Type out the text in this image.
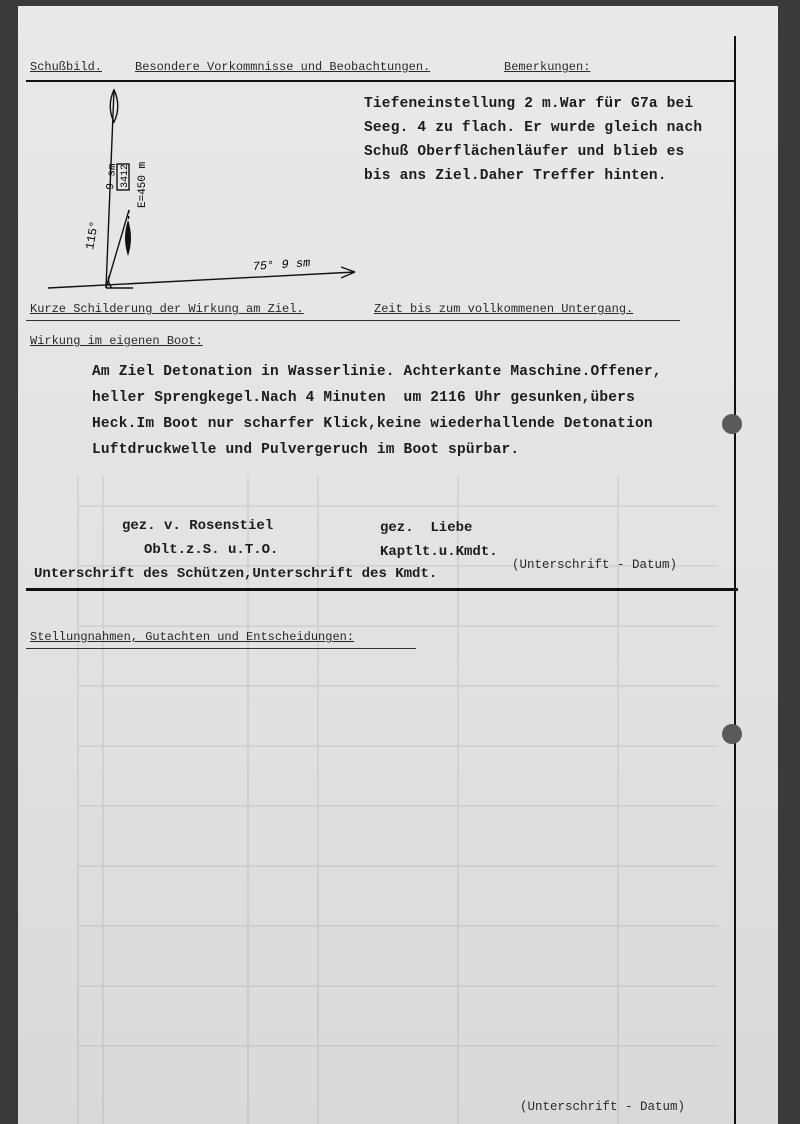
Schußbild.	Besondere Vorkommnisse und Beobachtungen.	Bemerkungen:
115°
9 sm 3412 E=450 m
75° 9 sm
Tiefeneinstellung 2 m.War für G7a bei
Seeg. 4 zu flach. Er wurde gleich nach
Schuß Oberflächenläufer und blieb es
bis ans Ziel.Daher Treffer hinten.
Kurze Schilderung der Wirkung am Ziel.	Zeit bis zum vollkommenen Untergang.
Wirkung im eigenen Boot:
Am Ziel Detonation in Wasserlinie. Achterkante Maschine.Offener,
heller Sprengkegel.Nach 4 Minuten  um 2116 Uhr gesunken,übers
Heck.Im Boot nur scharfer Klick,keine wiederhallende Detonation
Luftdruckwelle und Pulvergeruch im Boot spürbar.
gez. v. Rosenstiel
Oblt.z.S. u.T.O.
gez.  Liebe
Kaptlt.u.Kmdt.
Unterschrift des Schützen,Unterschrift des Kmdt.
(Unterschrift - Datum)
Stellungnahmen, Gutachten und Entscheidungen:
(Unterschrift - Datum)
